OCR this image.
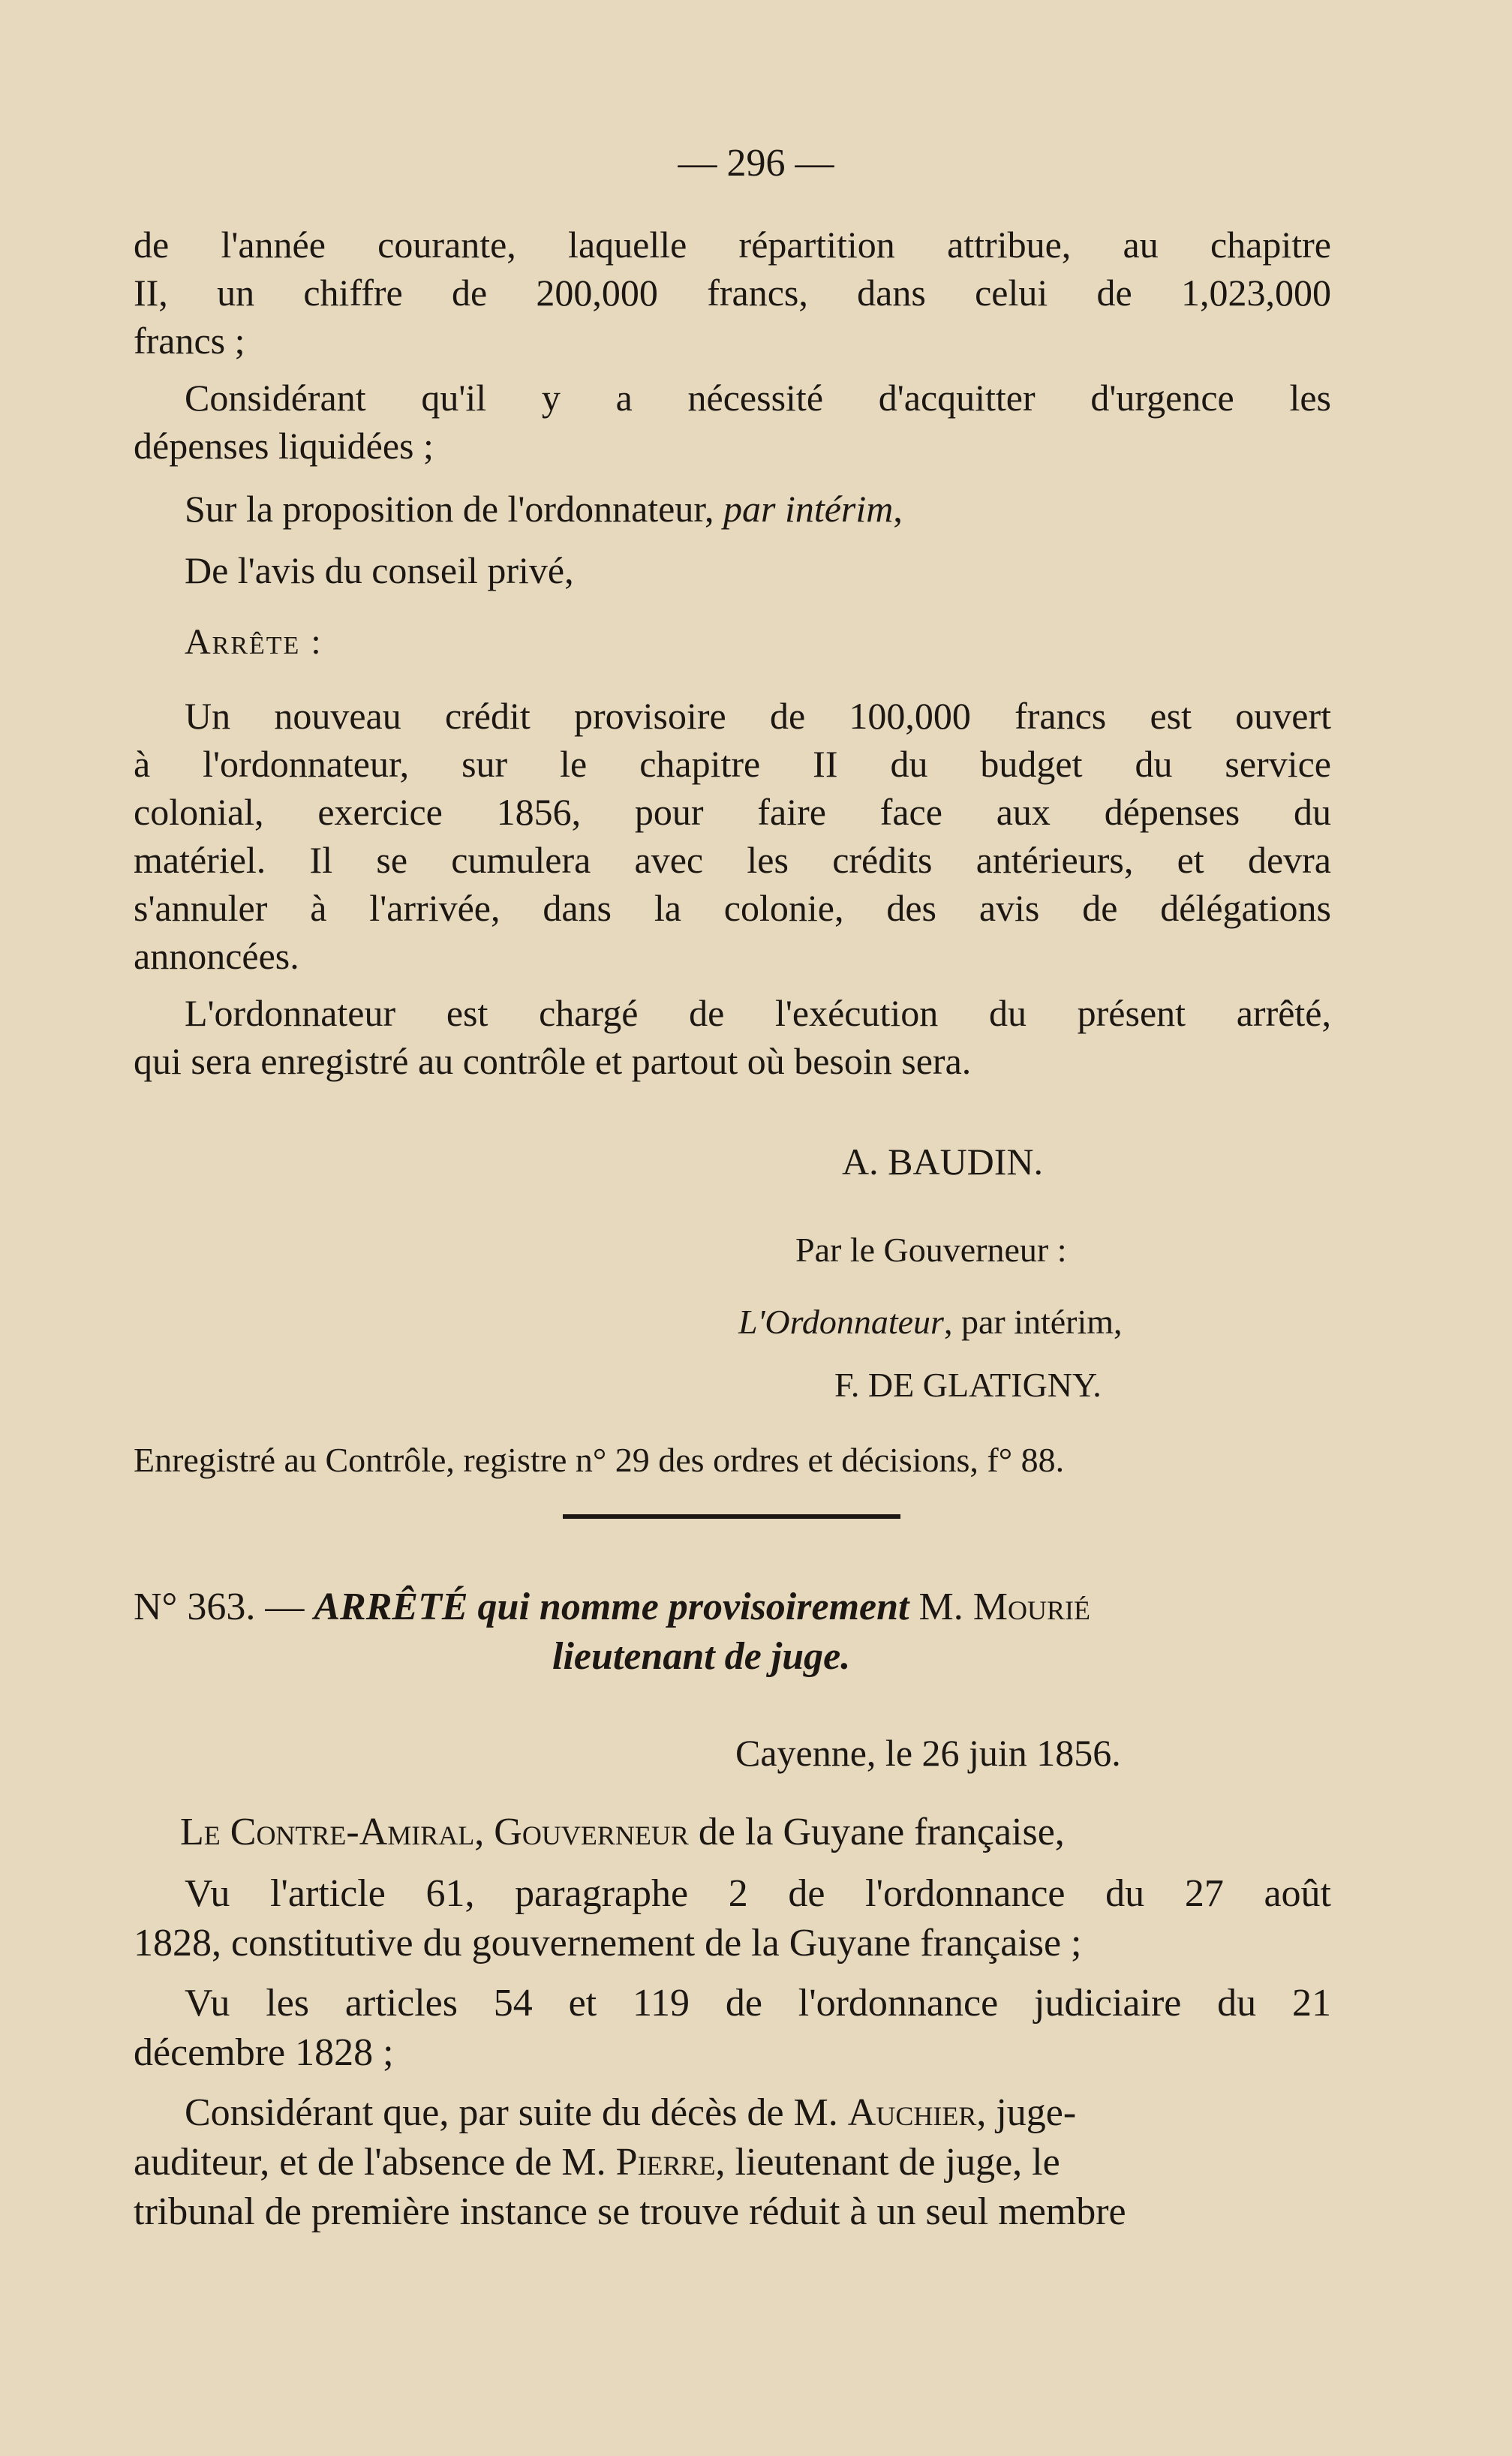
— 296 —
de l'année courante, laquelle répartition attribue, au chapitre
II, un chiffre de 200,000 francs, dans celui de 1,023,000
francs ;
Considérant qu'il y a nécessité d'acquitter d'urgence les
dépenses liquidées ;
Sur la proposition de l'ordonnateur, par intérim,
De l'avis du conseil privé,
Arrête :
Un nouveau crédit provisoire de 100,000 francs est ouvert
à l'ordonnateur, sur le chapitre II du budget du service
colonial, exercice 1856, pour faire face aux dépenses du
matériel. Il se cumulera avec les crédits antérieurs, et devra
s'annuler à l'arrivée, dans la colonie, des avis de délégations
annoncées.
L'ordonnateur est chargé de l'exécution du présent arrêté,
qui sera enregistré au contrôle et partout où besoin sera.
A. BAUDIN.
Par le Gouverneur :
L'Ordonnateur, par intérim,
F. DE GLATIGNY.
Enregistré au Contrôle, registre n° 29 des ordres et décisions, f° 88.
N° 363. — ARRÊTÉ qui nomme provisoirement M. Mourié
lieutenant de juge.
Cayenne, le 26 juin 1856.
Le Contre-Amiral, Gouverneur de la Guyane française,
Vu l'article 61, paragraphe 2 de l'ordonnance du 27 août
1828, constitutive du gouvernement de la Guyane française ;
Vu les articles 54 et 119 de l'ordonnance judiciaire du 21
décembre 1828 ;
Considérant que, par suite du décès de M. Auchier, juge-
auditeur, et de l'absence de M. Pierre, lieutenant de juge, le
tribunal de première instance se trouve réduit à un seul membre
